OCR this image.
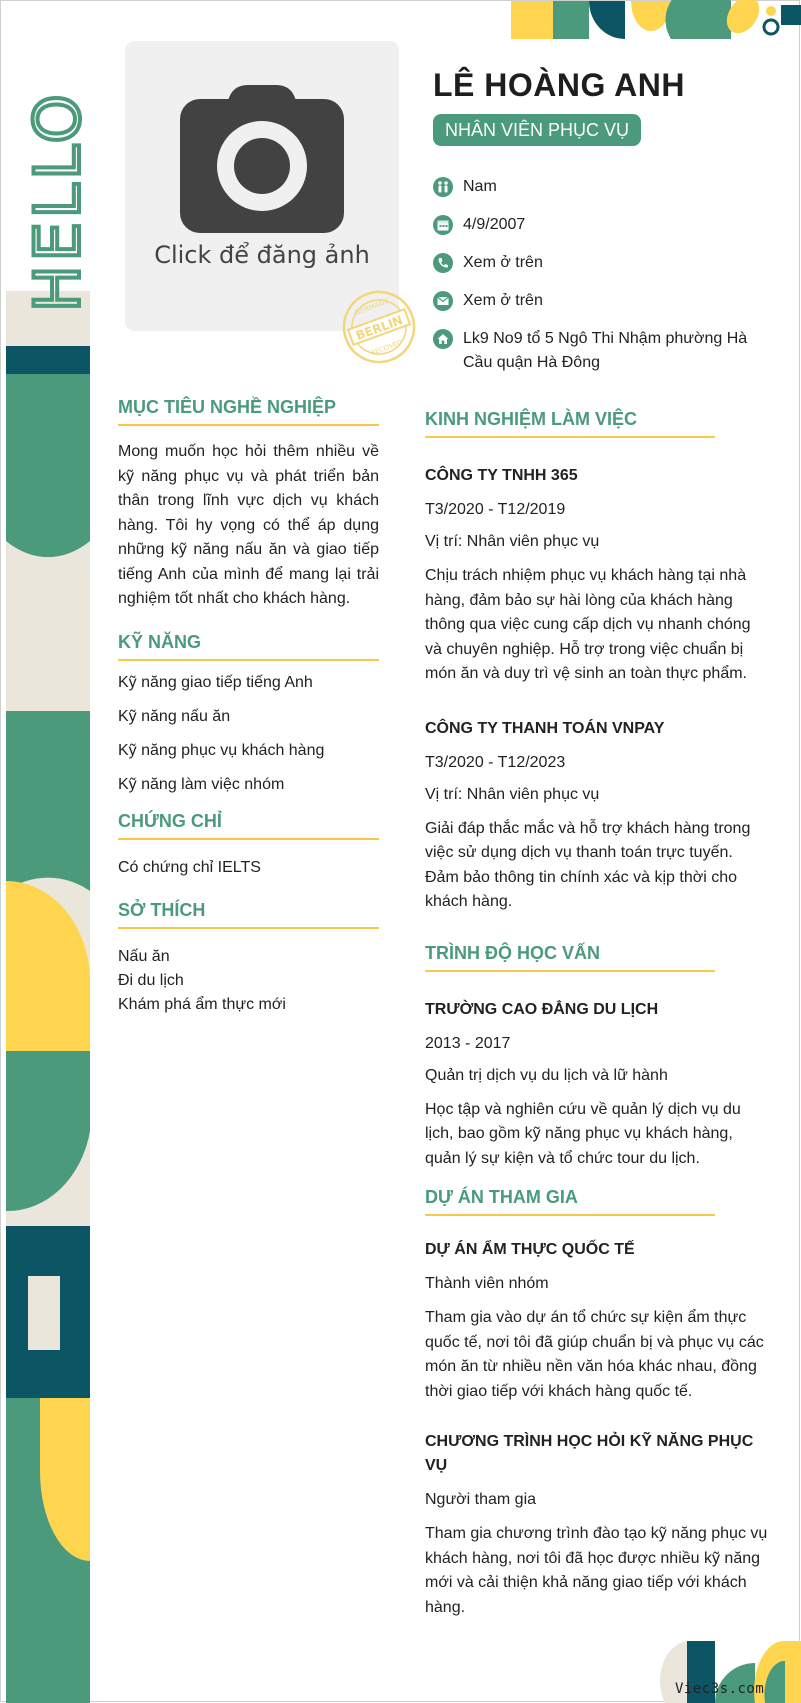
HELLO	Click để đăng ảnh
GERMANY
BERLIN
RECEIVED
LÊ HOÀNG ANH
NHÂN VIÊN PHỤC VỤ
Nam
4/9/2007
Xem ở trên
Xem ở trên
Lk9 No9 tổ 5 Ngô Thi Nhậm phường Hà Cầu quận Hà Đông
MỤC TIÊU NGHỀ NGHIỆP
Mong muốn học hỏi thêm nhiều về kỹ năng phục vụ và phát triển bản thân trong lĩnh vực dịch vụ khách hàng. Tôi hy vọng có thể áp dụng những kỹ năng nấu ăn và giao tiếp tiếng Anh của mình để mang lại trải nghiệm tốt nhất cho khách hàng.
KỸ NĂNG
Kỹ năng giao tiếp tiếng Anh
Kỹ năng nấu ăn
Kỹ năng phục vụ khách hàng
Kỹ năng làm việc nhóm
CHỨNG CHỈ
Có chứng chỉ IELTS
SỞ THÍCH
Nấu ăn
Đi du lịch
Khám phá ẩm thực mới
KINH NGHIỆM LÀM VIỆC
CÔNG TY TNHH 365
T3/2020 - T12/2019
Vị trí: Nhân viên phục vụ
Chịu trách nhiệm phục vụ khách hàng tại nhà hàng, đảm bảo sự hài lòng của khách hàng thông qua việc cung cấp dịch vụ nhanh chóng và chuyên nghiệp. Hỗ trợ trong việc chuẩn bị món ăn và duy trì vệ sinh an toàn thực phẩm.
CÔNG TY THANH TOÁN VNPAY
T3/2020 - T12/2023
Vị trí: Nhân viên phục vụ
Giải đáp thắc mắc và hỗ trợ khách hàng trong việc sử dụng dịch vụ thanh toán trực tuyến. Đảm bảo thông tin chính xác và kịp thời cho khách hàng.
TRÌNH ĐỘ HỌC VẤN
TRƯỜNG CAO ĐẲNG DU LỊCH
2013 - 2017
Quản trị dịch vụ du lịch và lữ hành
Học tập và nghiên cứu về quản lý dịch vụ du lịch, bao gồm kỹ năng phục vụ khách hàng, quản lý sự kiện và tổ chức tour du lịch.
DỰ ÁN THAM GIA
DỰ ÁN ẨM THỰC QUỐC TẾ
Thành viên nhóm
Tham gia vào dự án tổ chức sự kiện ẩm thực quốc tế, nơi tôi đã giúp chuẩn bị và phục vụ các món ăn từ nhiều nền văn hóa khác nhau, đồng thời giao tiếp với khách hàng quốc tế.
CHƯƠNG TRÌNH HỌC HỎI KỸ NĂNG PHỤC VỤ
Người tham gia
Tham gia chương trình đào tạo kỹ năng phục vụ khách hàng, nơi tôi đã học được nhiều kỹ năng mới và cải thiện khả năng giao tiếp với khách hàng.
Viec3s.com
